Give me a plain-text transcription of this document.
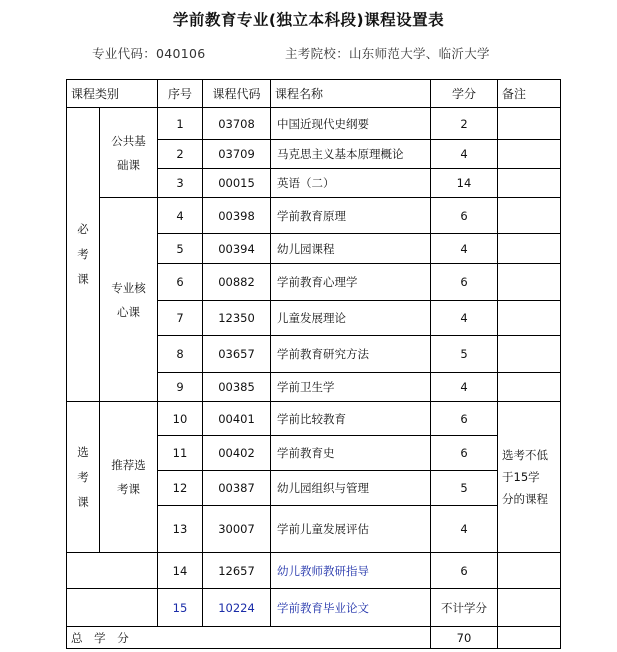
学前教育专业(独立本科段)课程设置表
专业代码：040106	主考院校：山东师范大学、临沂大学
课程类别		序号	课程代码	课程名称	学分	备注

必考课	公共基础课	1	03708	中国近现代史纲要	2	
		2	03709	马克思主义基本原理概论	4	
		3	00015	英语（二）	14	

	专业核心课	4	00398	学前教育原理	6	
		5	00394	幼儿园课程	4	
		6	00882	学前教育心理学	6	
		7	12350	儿童发展理论	4	
		8	03657	学前教育研究方法	5	
		9	00385	学前卫生学	4	

选考课	推荐选考课	10	00401	学前比较教育	6	选考不低于15学分的课程

		11	00402	学前教育史	6	
		12	00387	幼儿园组织与管理	5	
		13	30007	学前儿童发展评估	4	
		14	12657	幼儿教师教研指导	6	
		15	10224	学前教育毕业论文	不计学分	
总 学 分					70	
